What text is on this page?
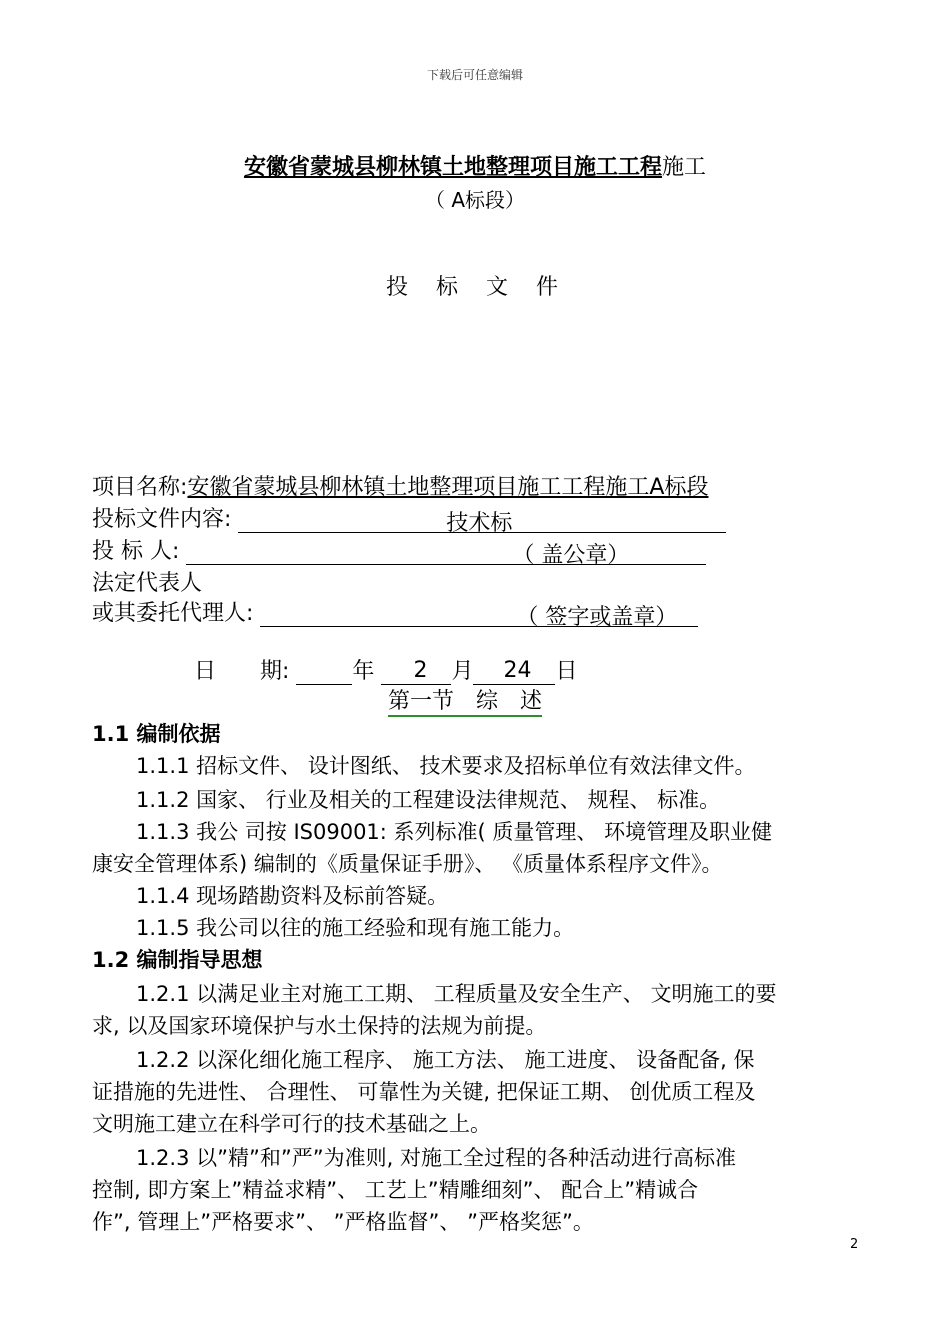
下载后可任意编辑
安徽省蒙城县柳林镇土地整理项目施工工程施工
（ A标段）
投标文件
项目名称:安徽省蒙城县柳林镇土地整理项目施工工程施工A标段
投标文件内容:	技术标
投 标 人:	（ 盖公章）
法定代表人
或其委托代理人:	（ 签字或盖章）
日　　期:	年 2 月 24 日
第一节　综　述
1.1 编制依据
1.1.1 招标文件、 设计图纸、 技术要求及招标单位有效法律文件。
1.1.2 国家、 行业及相关的工程建设法律规范、 规程、 标准。
1.1.3 我公 司按 IS09001: 系列标准( 质量管理、 环境管理及职业健
康安全管理体系) 编制的《质量保证手册》、 《质量体系程序文件》。
1.1.4 现场踏勘资料及标前答疑。
1.1.5 我公司以往的施工经验和现有施工能力。
1.2 编制指导思想
1.2.1 以满足业主对施工工期、 工程质量及安全生产、 文明施工的要
求, 以及国家环境保护与水土保持的法规为前提。
1.2.2 以深化细化施工程序、 施工方法、 施工进度、 设备配备, 保
证措施的先进性、 合理性、 可靠性为关键, 把保证工期、 创优质工程及
文明施工建立在科学可行的技术基础之上。
1.2.3 以”精”和”严”为准则, 对施工全过程的各种活动进行高标准
控制, 即方案上”精益求精”、 工艺上”精雕细刻”、 配合上”精诚合
作”, 管理上”严格要求”、 ”严格监督”、 ”严格奖惩”。
2
